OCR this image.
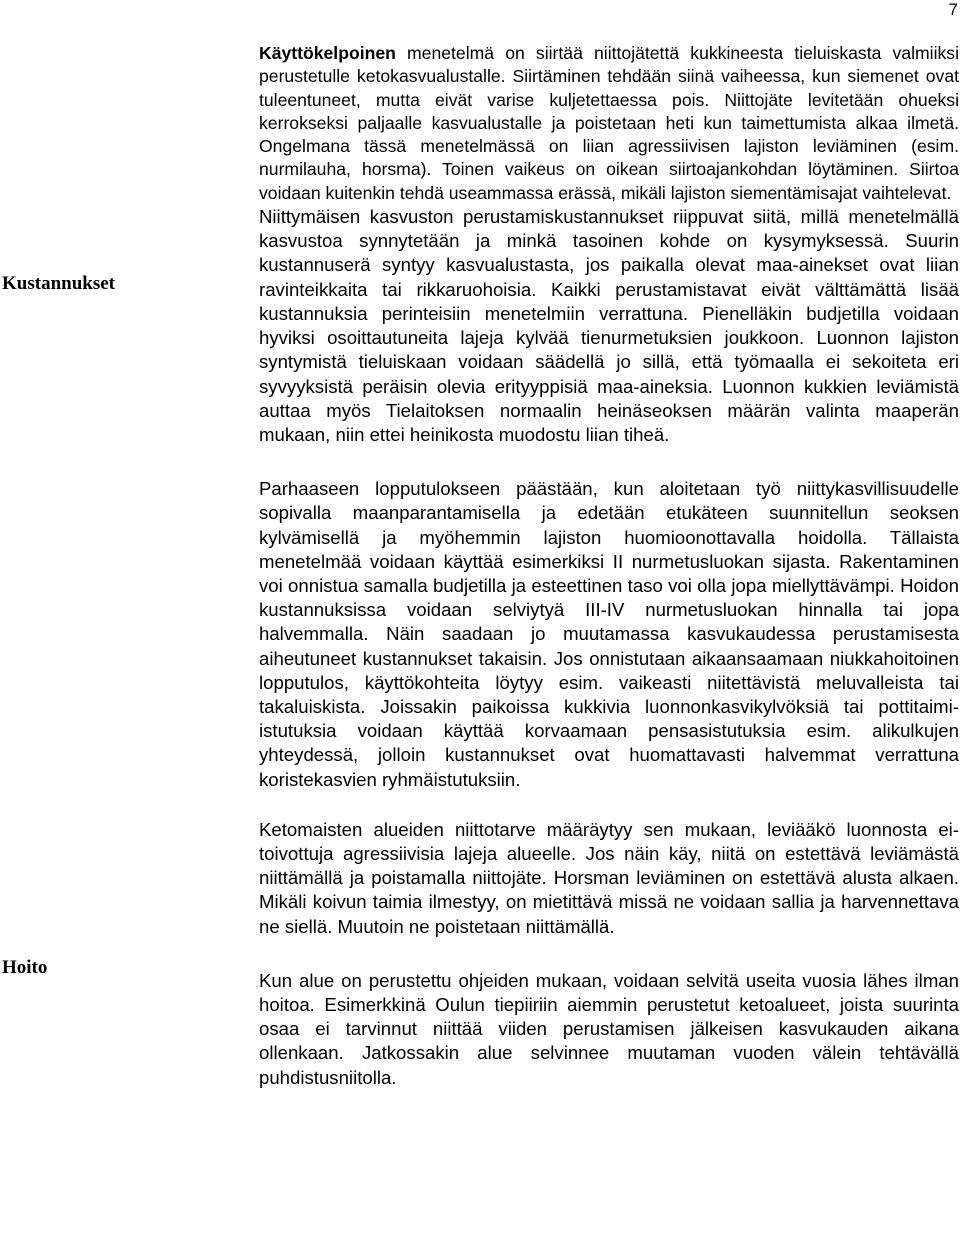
7
Kustannukset
Hoito

Käyttökelpoinen menetelmä on siirtää niittojätettä kukkineesta tieluiskasta valmiiksi perustetulle ketokasvualustalle. Siirtäminen tehdään siinä vaiheessa, kun siemenet ovat tuleentuneet, mutta eivät varise kuljetettaessa pois. Niittojäte levitetään ohueksi kerrokseksi paljaalle kasvualustalle ja poistetaan heti kun taimettumista alkaa ilmetä. Ongelmana tässä menetelmässä on liian agressiivisen lajiston leviäminen (esim. nurmilauha, horsma). Toinen vaikeus on oikean siirtoajankohdan löytäminen. Siirtoa voidaan kuitenkin tehdä useammassa erässä, mikäli lajiston siementämisajat vaihtelevat.

Niittymäisen kasvuston perustamiskustannukset riippuvat siitä, millä menetelmällä kasvustoa synnytetään ja minkä tasoinen kohde on kysymyksessä. Suurin kustannuserä syntyy kasvualustasta, jos paikalla olevat maa-ainekset ovat liian ravinteikkaita tai rikkaruohoisia. Kaikki perustamistavat eivät välttämättä lisää kustannuksia perinteisiin menetelmiin verrattuna. Pienelläkin budjetilla voidaan hyviksi osoittautuneita lajeja kylvää tienurmetuksien joukkoon. Luonnon lajiston syntymistä tieluiskaan voidaan säädellä jo sillä, että työmaalla ei sekoiteta eri syvyyksistä peräisin olevia erityyppisiä maa-aineksia. Luonnon kukkien leviämistä auttaa myös Tielaitoksen normaalin heinäseoksen määrän valinta maaperän mukaan, niin ettei heinikosta muodostu liian tiheä.

Parhaaseen lopputulokseen päästään, kun aloitetaan työ niittykasvillisuudelle sopivalla maanparantamisella ja edetään etukäteen suunnitellun seoksen kylvämisellä ja myöhemmin lajiston huomioonottavalla hoidolla. Tällaista menetelmää voidaan käyttää esimerkiksi II nurmetusluokan sijasta. Rakentaminen voi onnistua samalla budjetilla ja esteettinen taso voi olla jopa miellyttävämpi. Hoidon kustannuksissa voidaan selviytyä III-IV nurmetusluokan hinnalla tai jopa halvemmalla. Näin saadaan jo muutamassa kasvukaudessa perustamisesta aiheutuneet kustannukset takaisin. Jos onnistutaan aikaansaamaan niukkahoitoinen lopputulos, käyttökohteita löytyy esim. vaikeasti niitettävistä meluvalleista tai takaluiskista. Joissakin paikoissa kukkivia luonnonkasvikylvöksiä tai pottitaimi-istutuksia voidaan käyttää korvaamaan pensasistutuksia esim. alikulkujen yhteydessä, jolloin kustannukset ovat huomattavasti halvemmat verrattuna koristekasvien ryhmäistutuksiin.

Ketomaisten alueiden niittotarve määräytyy sen mukaan, leviääkö luonnosta ei-toivottuja agressiivisia lajeja alueelle. Jos näin käy, niitä on estettävä leviämästä niittämällä ja poistamalla niittojäte. Horsman leviäminen on estettävä alusta alkaen. Mikäli koivun taimia ilmestyy, on mietittävä missä ne voidaan sallia ja harvennettava ne siellä. Muutoin ne poistetaan niittämällä.

Kun alue on perustettu ohjeiden mukaan, voidaan selvitä useita vuosia lähes ilman hoitoa. Esimerkkinä Oulun tiepiiriin aiemmin perustetut ketoalueet, joista suurinta osaa ei tarvinnut niittää viiden perustamisen jälkeisen kasvukauden aikana ollenkaan. Jatkossakin alue selvinnee muutaman vuoden välein tehtävällä puhdistusniitolla.
